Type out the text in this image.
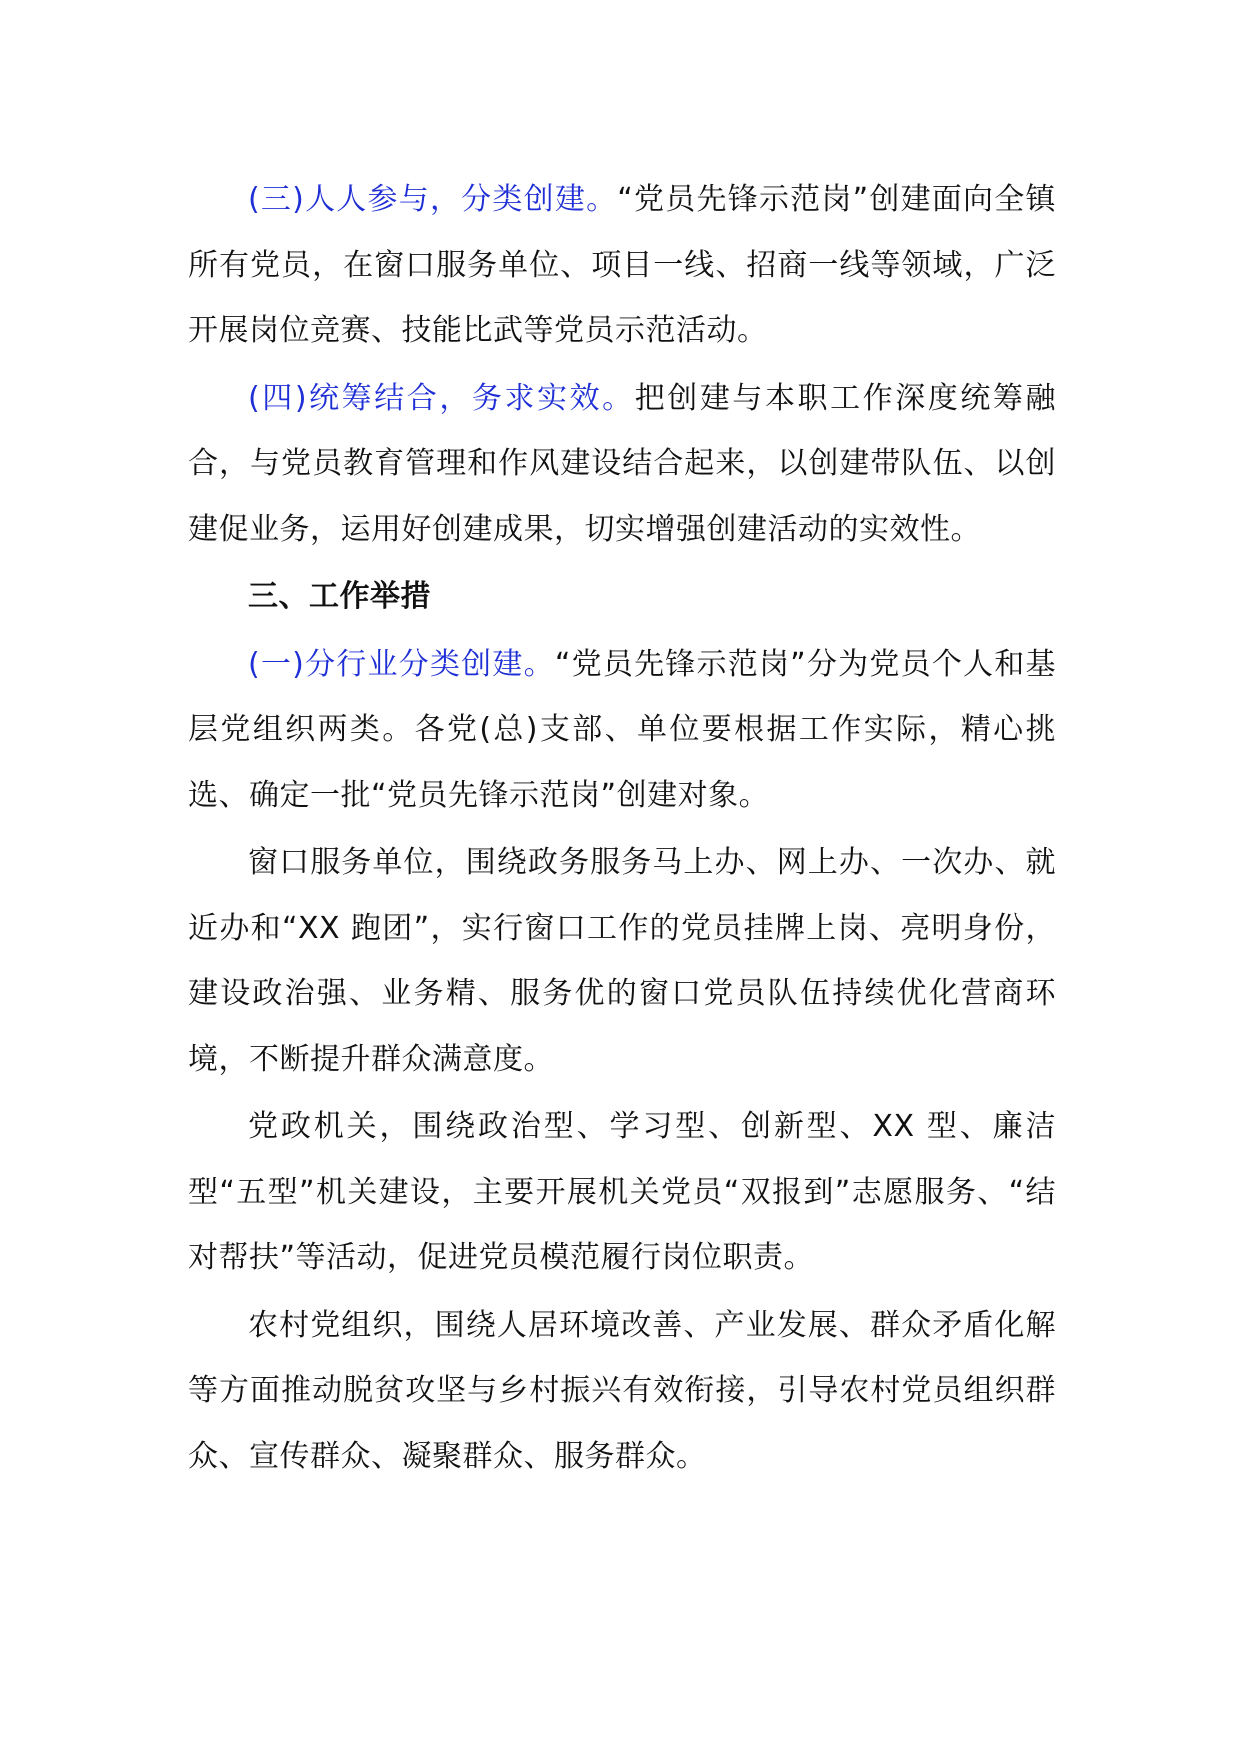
(三)人人参与，分类创建。“党员先锋示范岗”创建面向全镇所有党员，在窗口服务单位、项目一线、招商一线等领域，广泛开展岗位竞赛、技能比武等党员示范活动。

(四)统筹结合，务求实效。把创建与本职工作深度统筹融合，与党员教育管理和作风建设结合起来，以创建带队伍、以创建促业务，运用好创建成果，切实增强创建活动的实效性。

三、工作举措

(一)分行业分类创建。“党员先锋示范岗”分为党员个人和基层党组织两类。各党(总)支部、单位要根据工作实际，精心挑选、确定一批“党员先锋示范岗”创建对象。

窗口服务单位，围绕政务服务马上办、网上办、一次办、就近办和“XX 跑团”，实行窗口工作的党员挂牌上岗、亮明身份，建设政治强、业务精、服务优的窗口党员队伍持续优化营商环境，不断提升群众满意度。

党政机关，围绕政治型、学习型、创新型、XX 型、廉洁型“五型”机关建设，主要开展机关党员“双报到”志愿服务、“结对帮扶”等活动，促进党员模范履行岗位职责。

农村党组织，围绕人居环境改善、产业发展、群众矛盾化解等方面推动脱贫攻坚与乡村振兴有效衔接，引导农村党员组织群众、宣传群众、凝聚群众、服务群众。
